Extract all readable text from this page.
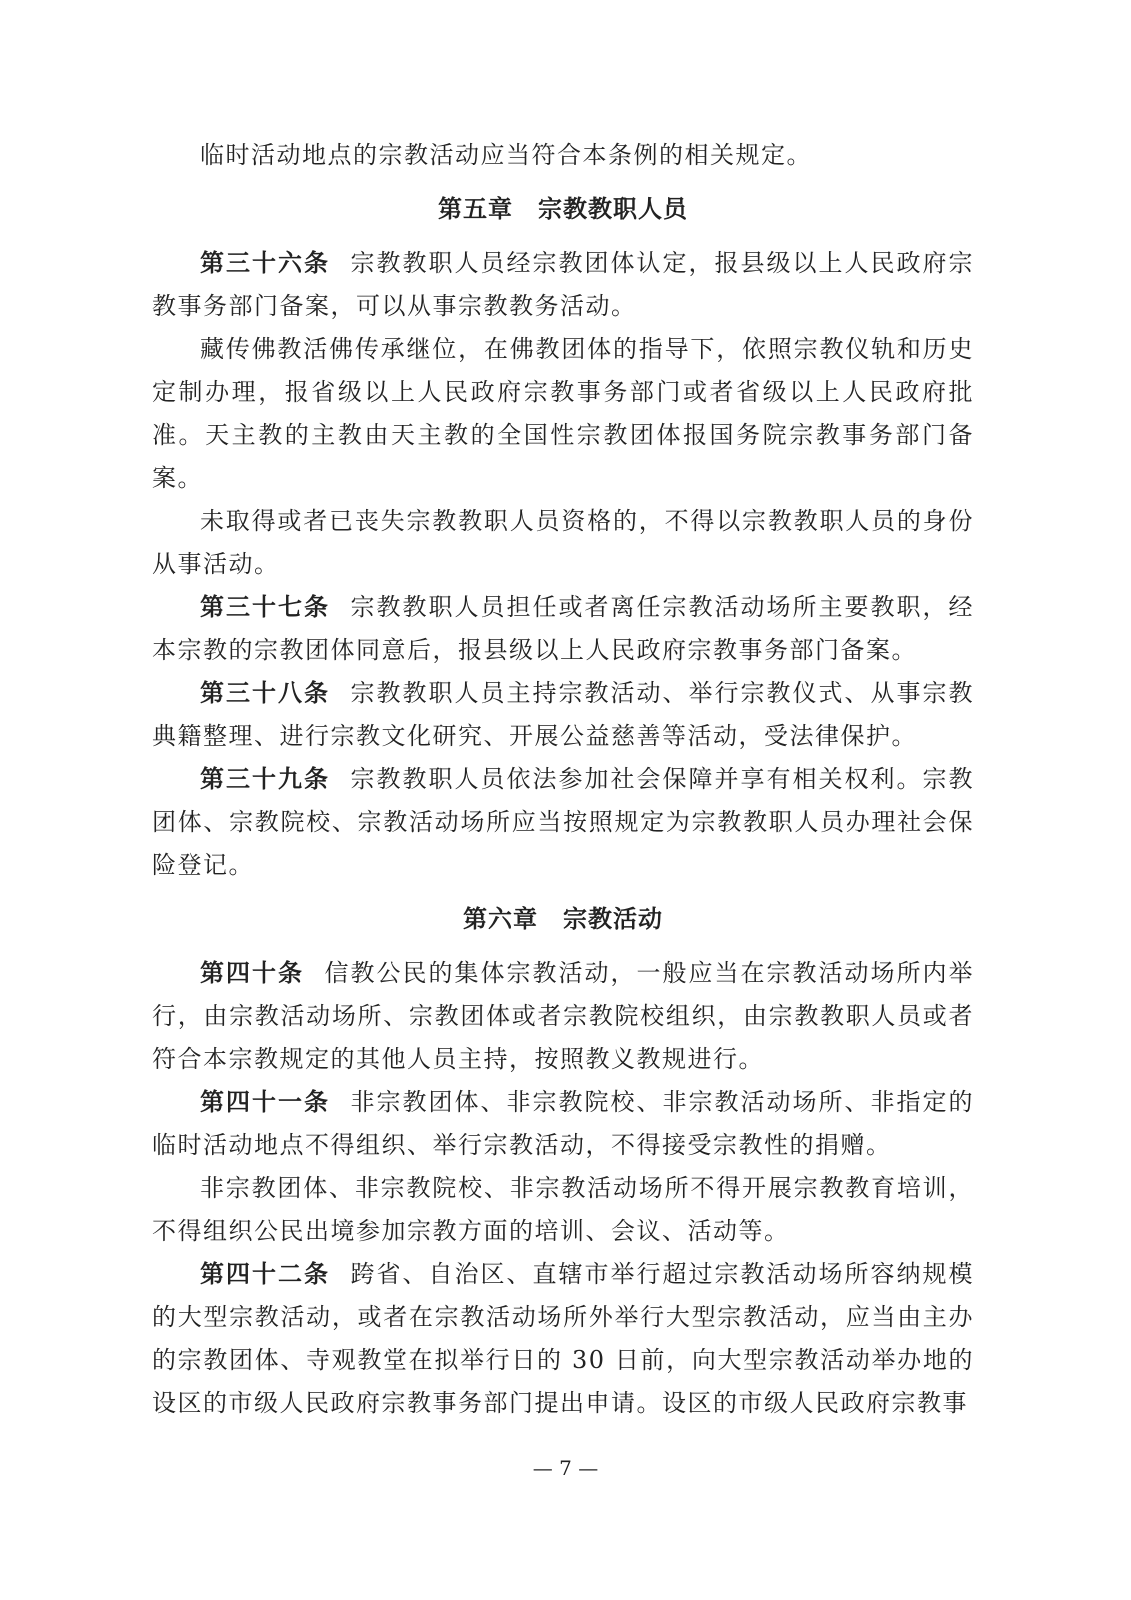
临时活动地点的宗教活动应当符合本条例的相关规定。

第五章　宗教教职人员

第三十六条 宗教教职人员经宗教团体认定，报县级以上人民政府宗教事务部门备案，可以从事宗教教务活动。

藏传佛教活佛传承继位，在佛教团体的指导下，依照宗教仪轨和历史定制办理，报省级以上人民政府宗教事务部门或者省级以上人民政府批准。天主教的主教由天主教的全国性宗教团体报国务院宗教事务部门备案。

未取得或者已丧失宗教教职人员资格的，不得以宗教教职人员的身份从事活动。

第三十七条 宗教教职人员担任或者离任宗教活动场所主要教职，经本宗教的宗教团体同意后，报县级以上人民政府宗教事务部门备案。

第三十八条 宗教教职人员主持宗教活动、举行宗教仪式、从事宗教典籍整理、进行宗教文化研究、开展公益慈善等活动，受法律保护。

第三十九条 宗教教职人员依法参加社会保障并享有相关权利。宗教团体、宗教院校、宗教活动场所应当按照规定为宗教教职人员办理社会保险登记。

第六章　宗教活动

第四十条 信教公民的集体宗教活动，一般应当在宗教活动场所内举行，由宗教活动场所、宗教团体或者宗教院校组织，由宗教教职人员或者符合本宗教规定的其他人员主持，按照教义教规进行。

第四十一条 非宗教团体、非宗教院校、非宗教活动场所、非指定的临时活动地点不得组织、举行宗教活动，不得接受宗教性的捐赠。

非宗教团体、非宗教院校、非宗教活动场所不得开展宗教教育培训，不得组织公民出境参加宗教方面的培训、会议、活动等。

第四十二条 跨省、自治区、直辖市举行超过宗教活动场所容纳规模的大型宗教活动，或者在宗教活动场所外举行大型宗教活动，应当由主办的宗教团体、寺观教堂在拟举行日的 30 日前，向大型宗教活动举办地的设区的市级人民政府宗教事务部门提出申请。设区的市级人民政府宗教事

— 7 —
